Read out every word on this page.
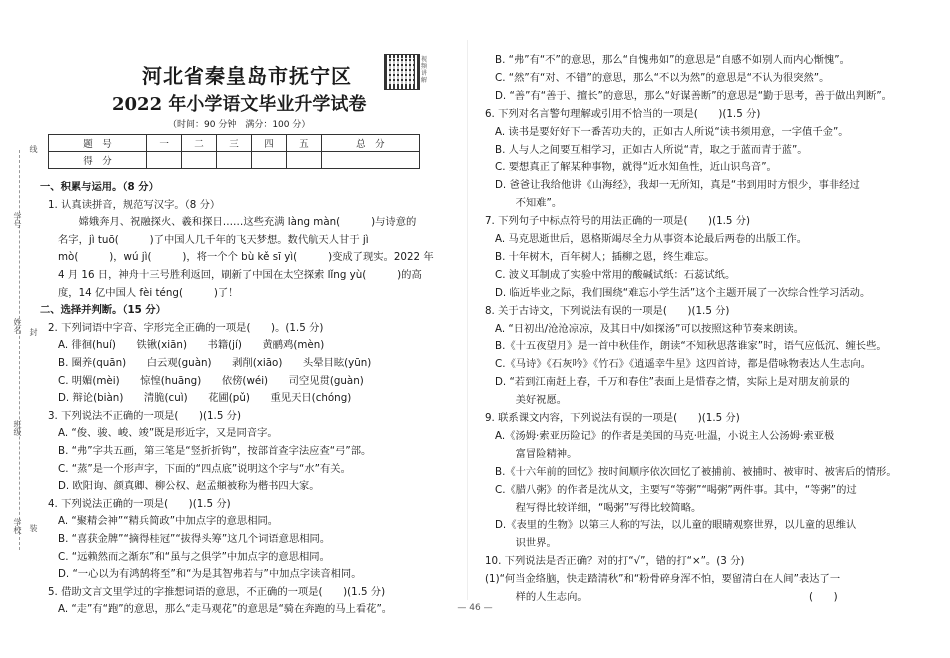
学号
姓名 封
班级
学校 装
线
河北省秦皇岛市抚宁区
2022 年小学语文毕业升学试卷
（时间：90 分钟　满分：100 分）
视频讲解
题　号	一	二	三	四	五	总　分
得　分						
一、积累与运用。（8 分）
1. 认真读拼音，规范写汉字。（8 分）
　　嫦娥奔月、祝融探火、羲和探日……这些充满 làng màn(　　　)与诗意的
名字，jì tuō(　　　)了中国人几千年的飞天梦想。数代航天人甘于 jì
mò(　　　)，wú jì(　　　)，将一个个 bù kě sī yì(　　　)变成了现实。2022 年
4 月 16 日，神舟十三号胜利返回，刷新了中国在太空探索 lǐng yù(　　　)的高
度，14 亿中国人 fèi téng(　　　)了！
二、选择并判断。（15 分）
2. 下列词语中字音、字形完全正确的一项是(　　)。(1.5 分)
A. 徘徊(huí)　　铁锹(xiān)　　书籍(jí)　　黄鹂鸡(mèn)
B. 圈养(quān)　　白云观(guàn)　　剥削(xiāo)　　头晕目眩(yūn)
C. 明媚(mèi)　　惊惶(huāng)　　依傍(wéi)　　司空见贯(guàn)
D. 辩论(biàn)　　清脆(cuì)　　花圃(pǔ)　　重见天日(chóng)
3. 下列说法不正确的一项是(　　)(1.5 分)
A. “俊、骏、峻、竣”既是形近字，又是同音字。
B. “弗”字共五画，第三笔是“竖折折钩”，按部首查字法应查“弓”部。
C. “蒸”是一个形声字，下面的“四点底”说明这个字与“水”有关。
D. 欧阳询、颜真卿、柳公权、赵孟頫被称为楷书四大家。
4. 下列说法正确的一项是(　　)(1.5 分)
A. “聚精会神”“精兵简政”中加点字的意思相同。
B. “喜获金牌”“摘得桂冠”“拔得头筹”这几个词语意思相同。
C. “远赖然而之渐东”和“虽与之俱学”中加点字的意思相同。
D. “一心以为有鸿鹄将至”和“为是其智弗若与”中加点字读音相同。
5. 借助文言文里学过的字推想词语的意思，不正确的一项是(　　)(1.5 分)
A. “走”有“跑”的意思，那么“走马观花”的意思是“骑在奔跑的马上看花”。
B. “弗”有“不”的意思，那么“自愧弗如”的意思是“自感不如别人而内心惭愧”。
C. “然”有“对、不错”的意思，那么“不以为然”的意思是“不认为很突然”。
D. “善”有“善于、擅长”的意思，那么“好谋善断”的意思是“勤于思考，善于做出判断”。
6. 下列对名言警句理解或引用不恰当的一项是(　　)(1.5 分)
A. 读书是要好好下一番苦功夫的，正如古人所说“读书须用意，一字值千金”。
B. 人与人之间要互相学习，正如古人所说“青，取之于蓝而青于蓝”。
C. 要想真正了解某种事物，就得“近水知鱼性，近山识鸟音”。
D. 爸爸让我给他讲《山海经》，我却一无所知，真是“书到用时方恨少，事非经过
　　不知难”。
7. 下列句子中标点符号的用法正确的一项是(　　)(1.5 分)
A. 马克思逝世后，恩格斯竭尽全力从事资本论最后两卷的出版工作。
B. 十年树木，百年树人；插柳之恩，终生难忘。
C. 波义耳制成了实验中常用的酸碱试纸：石蕊试纸。
D. 临近毕业之际，我们围绕“难忘小学生活”这个主题开展了一次综合性学习活动。
8. 关于古诗文，下列说法有误的一项是(　　)(1.5 分)
A. “日初出/沧沧凉凉，及其日中/如探汤”可以按照这种节奏来朗读。
B.《十五夜望月》是一首中秋佳作，朗读“不知秋思落谁家”时，语气应低沉、缠长些。
C.《马诗》《石灰吟》《竹石》《逍遥幸牛星》这四首诗，都是借咏物表达人生志向。
D. “若到江南赶上春，千万和春住”表面上是惜春之情，实际上是对朋友前景的
　　美好祝愿。
9. 联系课文内容，下列说法有误的一项是(　　)(1.5 分)
A.《汤姆·索亚历险记》的作者是美国的马克·吐温，小说主人公汤姆·索亚极
　　富冒险精神。
B.《十六年前的回忆》按时间顺序依次回忆了被捕前、被捕时、被审时、被害后的情形。
C.《腊八粥》的作者是沈从文，主要写“等粥”“喝粥”两件事。其中，“等粥”的过
　　程写得比较详细，“喝粥”写得比较简略。
D.《表里的生物》以第三人称的写法，以儿童的眼睛观察世界，以儿童的思维认
　　识世界。
10. 下列说法是否正确？对的打“√”，错的打“×”。(3 分)
(1)“何当金络脑，快走踏清秋”和“粉骨碎身浑不怕，要留清白在人间”表达了一
　　样的人生志向。　　　　　　　　　　　　　　　　　　　　　　(　　)
— 46 —
